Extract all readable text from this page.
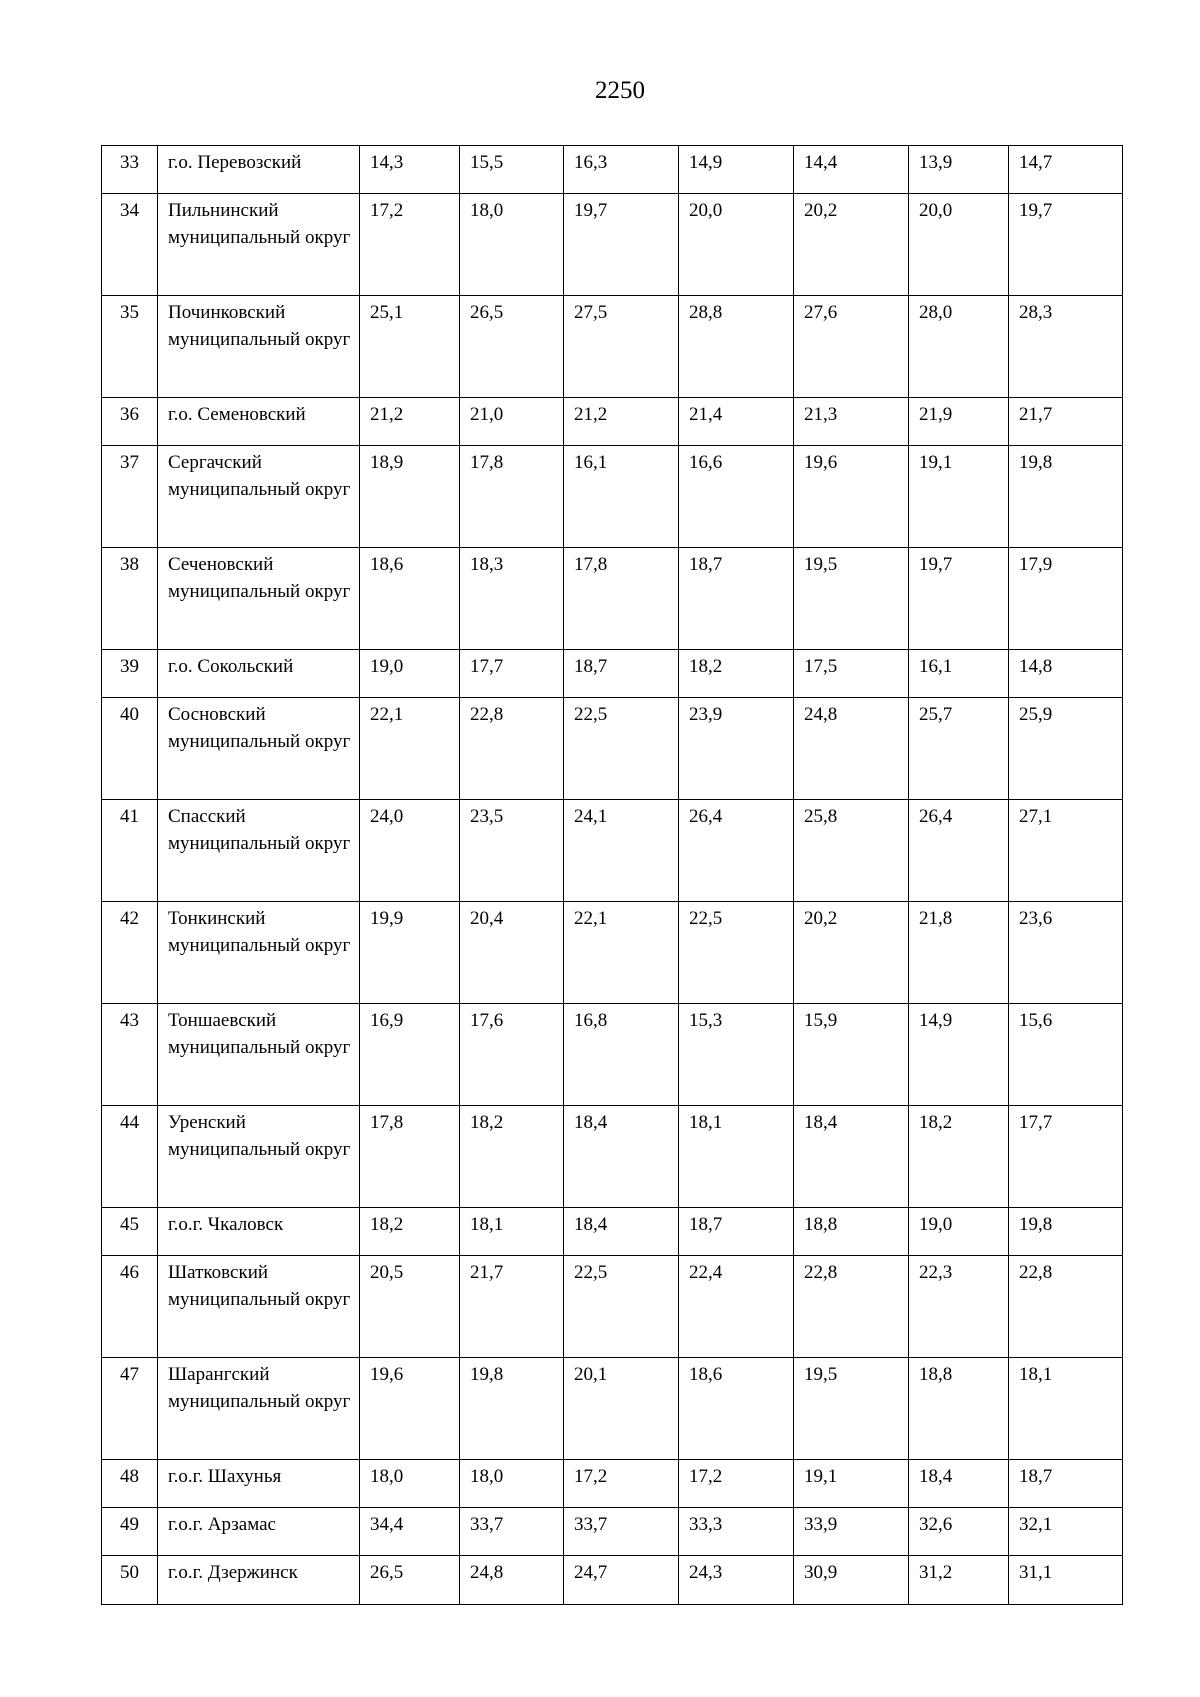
2250
33	г.о. Перевозский	14,3	15,5	16,3	14,9	14,4	13,9	14,7
34	Пильнинский муниципальный округ	17,2	18,0	19,7	20,0	20,2	20,0	19,7
35	Починковский муниципальный округ	25,1	26,5	27,5	28,8	27,6	28,0	28,3
36	г.о. Семеновский	21,2	21,0	21,2	21,4	21,3	21,9	21,7
37	Сергачский муниципальный округ	18,9	17,8	16,1	16,6	19,6	19,1	19,8
38	Сеченовский муниципальный округ	18,6	18,3	17,8	18,7	19,5	19,7	17,9
39	г.о. Сокольский	19,0	17,7	18,7	18,2	17,5	16,1	14,8
40	Сосновский муниципальный округ	22,1	22,8	22,5	23,9	24,8	25,7	25,9
41	Спасский муниципальный округ	24,0	23,5	24,1	26,4	25,8	26,4	27,1
42	Тонкинский муниципальный округ	19,9	20,4	22,1	22,5	20,2	21,8	23,6
43	Тоншаевский муниципальный округ	16,9	17,6	16,8	15,3	15,9	14,9	15,6
44	Уренский муниципальный округ	17,8	18,2	18,4	18,1	18,4	18,2	17,7
45	г.о.г. Чкаловск	18,2	18,1	18,4	18,7	18,8	19,0	19,8
46	Шатковский муниципальный округ	20,5	21,7	22,5	22,4	22,8	22,3	22,8
47	Шарангский муниципальный округ	19,6	19,8	20,1	18,6	19,5	18,8	18,1
48	г.о.г. Шахунья	18,0	18,0	17,2	17,2	19,1	18,4	18,7
49	г.о.г. Арзамас	34,4	33,7	33,7	33,3	33,9	32,6	32,1
50	г.о.г. Дзержинск	26,5	24,8	24,7	24,3	30,9	31,2	31,1
